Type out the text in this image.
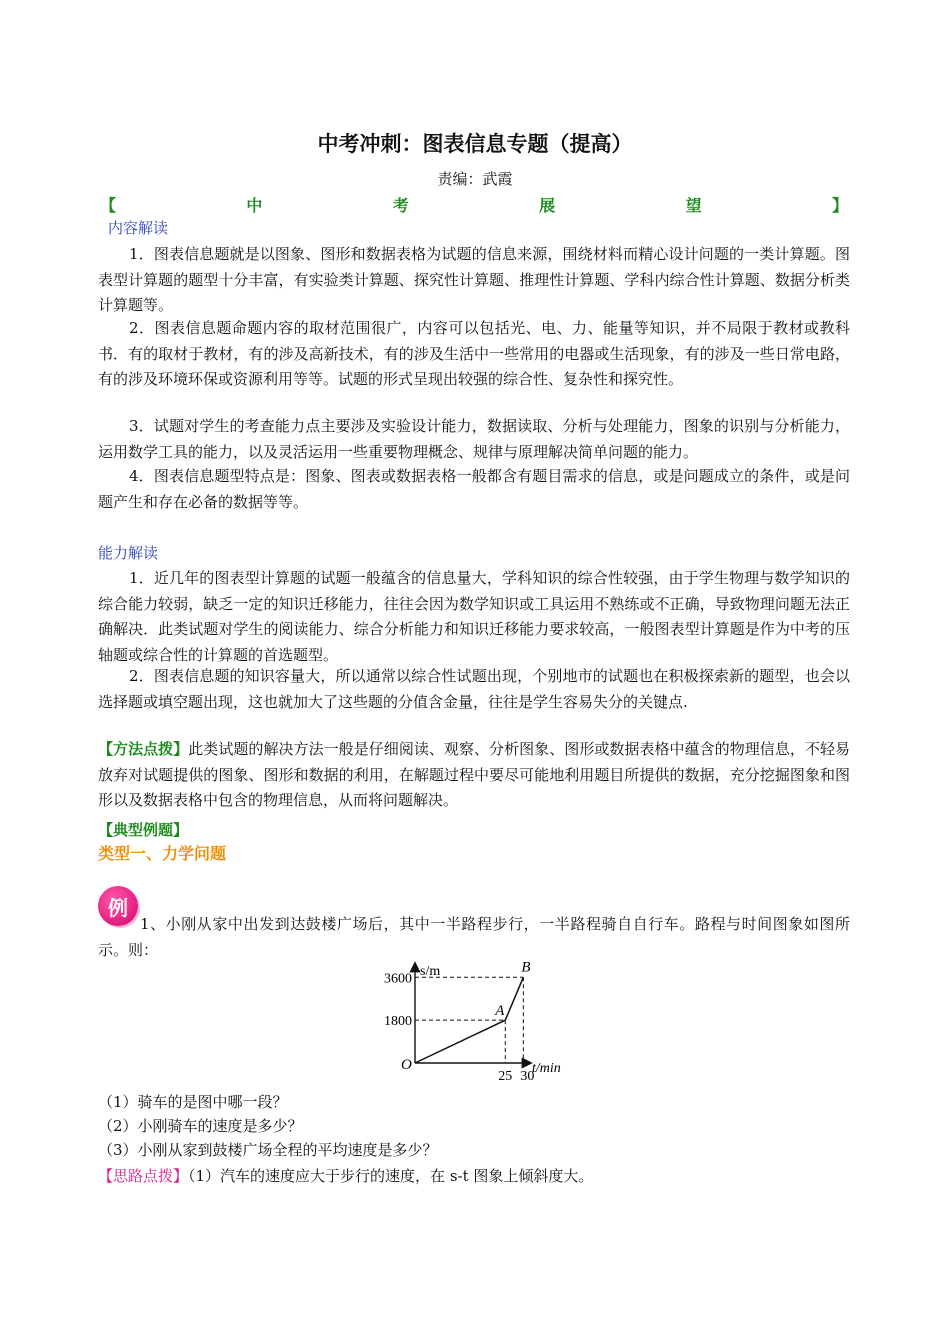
中考冲刺：图表信息专题（提高）
责编：武霞
【	中	考	展	望	】
内容解读
1．图表信息题就是以图象、图形和数据表格为试题的信息来源，围绕材料而精心设计问题的一类计算题。图表型计算题的题型十分丰富，有实验类计算题、探究性计算题、推理性计算题、学科内综合性计算题、数据分析类计算题等。
2．图表信息题命题内容的取材范围很广，内容可以包括光、电、力、能量等知识，并不局限于教材或教科书．有的取材于教材，有的涉及高新技术，有的涉及生活中一些常用的电器或生活现象，有的涉及一些日常电路，有的涉及环境环保或资源利用等等。试题的形式呈现出较强的综合性、复杂性和探究性。
3．试题对学生的考查能力点主要涉及实验设计能力，数据读取、分析与处理能力，图象的识别与分析能力，运用数学工具的能力，以及灵活运用一些重要物理概念、规律与原理解决简单问题的能力。
4．图表信息题型特点是：图象、图表或数据表格一般都含有题目需求的信息，或是问题成立的条件，或是问题产生和存在必备的数据等等。
能力解读
1．近几年的图表型计算题的试题一般蕴含的信息量大，学科知识的综合性较强，由于学生物理与数学知识的综合能力较弱，缺乏一定的知识迁移能力，往往会因为数学知识或工具运用不熟练或不正确，导致物理问题无法正确解决．此类试题对学生的阅读能力、综合分析能力和知识迁移能力要求较高，一般图表型计算题是作为中考的压轴题或综合性的计算题的首选题型。
2．图表信息题的知识容量大，所以通常以综合性试题出现，个别地市的试题也在积极探索新的题型，也会以选择题或填空题出现，这也就加大了这些题的分值含金量，往往是学生容易失分的关键点.
【方法点拨】此类试题的解决方法一般是仔细阅读、观察、分析图象、图形或数据表格中蕴含的物理信息，不轻易放弃对试题提供的图象、图形和数据的利用，在解题过程中要尽可能地利用题目所提供的数据，充分挖掘图象和图形以及数据表格中包含的物理信息，从而将问题解决。
【典型例题】
类型一、力学问题
例
1、小刚从家中出发到达鼓楼广场后，其中一半路程步行，一半路程骑自自行车。路程与时间图象如图所示。则：
s/m
t/min
3600
1800
25 30
O
A
B
（1）骑车的是图中哪一段？
（2）小刚骑车的速度是多少？
（3）小刚从家到鼓楼广场全程的平均速度是多少？
【思路点拨】（1）汽车的速度应大于步行的速度，在 s-t 图象上倾斜度大。
